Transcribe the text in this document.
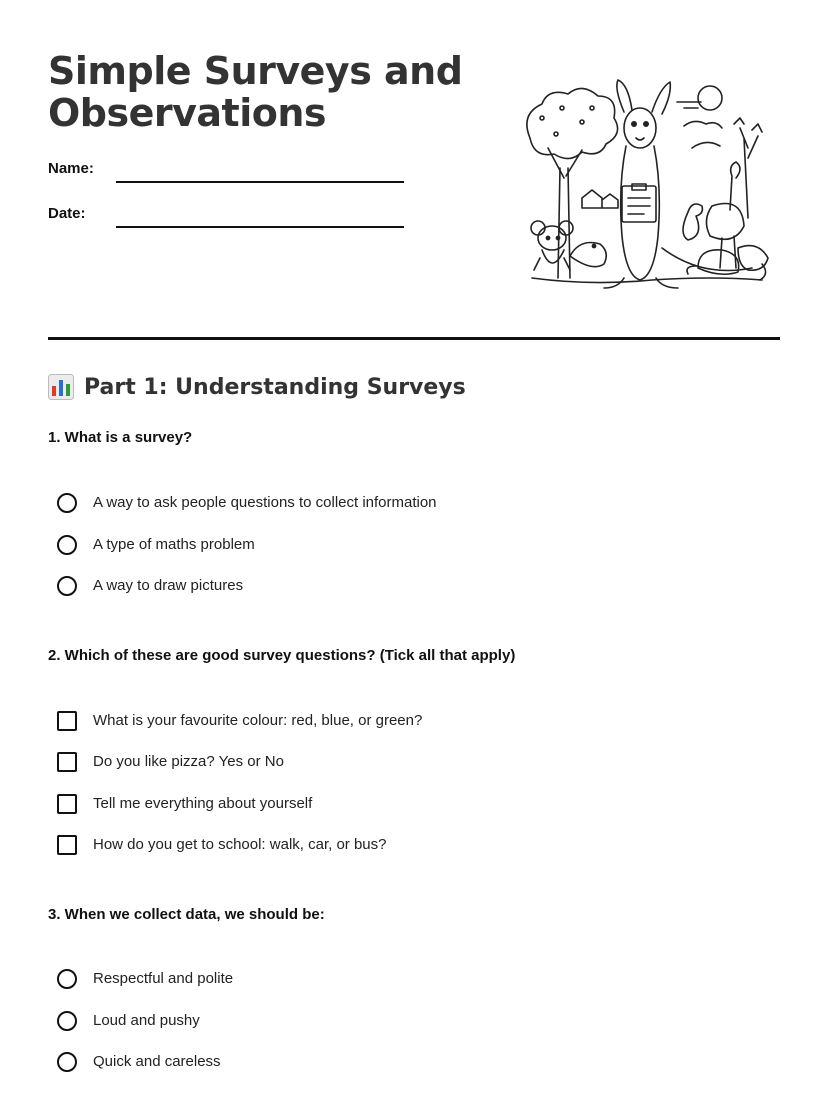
Simple Surveys and Observations
Name:
Date:
Part 1: Understanding Surveys
1. What is a survey?
A way to ask people questions to collect information
A type of maths problem
A way to draw pictures
2. Which of these are good survey questions? (Tick all that apply)
What is your favourite colour: red, blue, or green?
Do you like pizza? Yes or No
Tell me everything about yourself
How do you get to school: walk, car, or bus?
3. When we collect data, we should be:
Respectful and polite
Loud and pushy
Quick and careless
